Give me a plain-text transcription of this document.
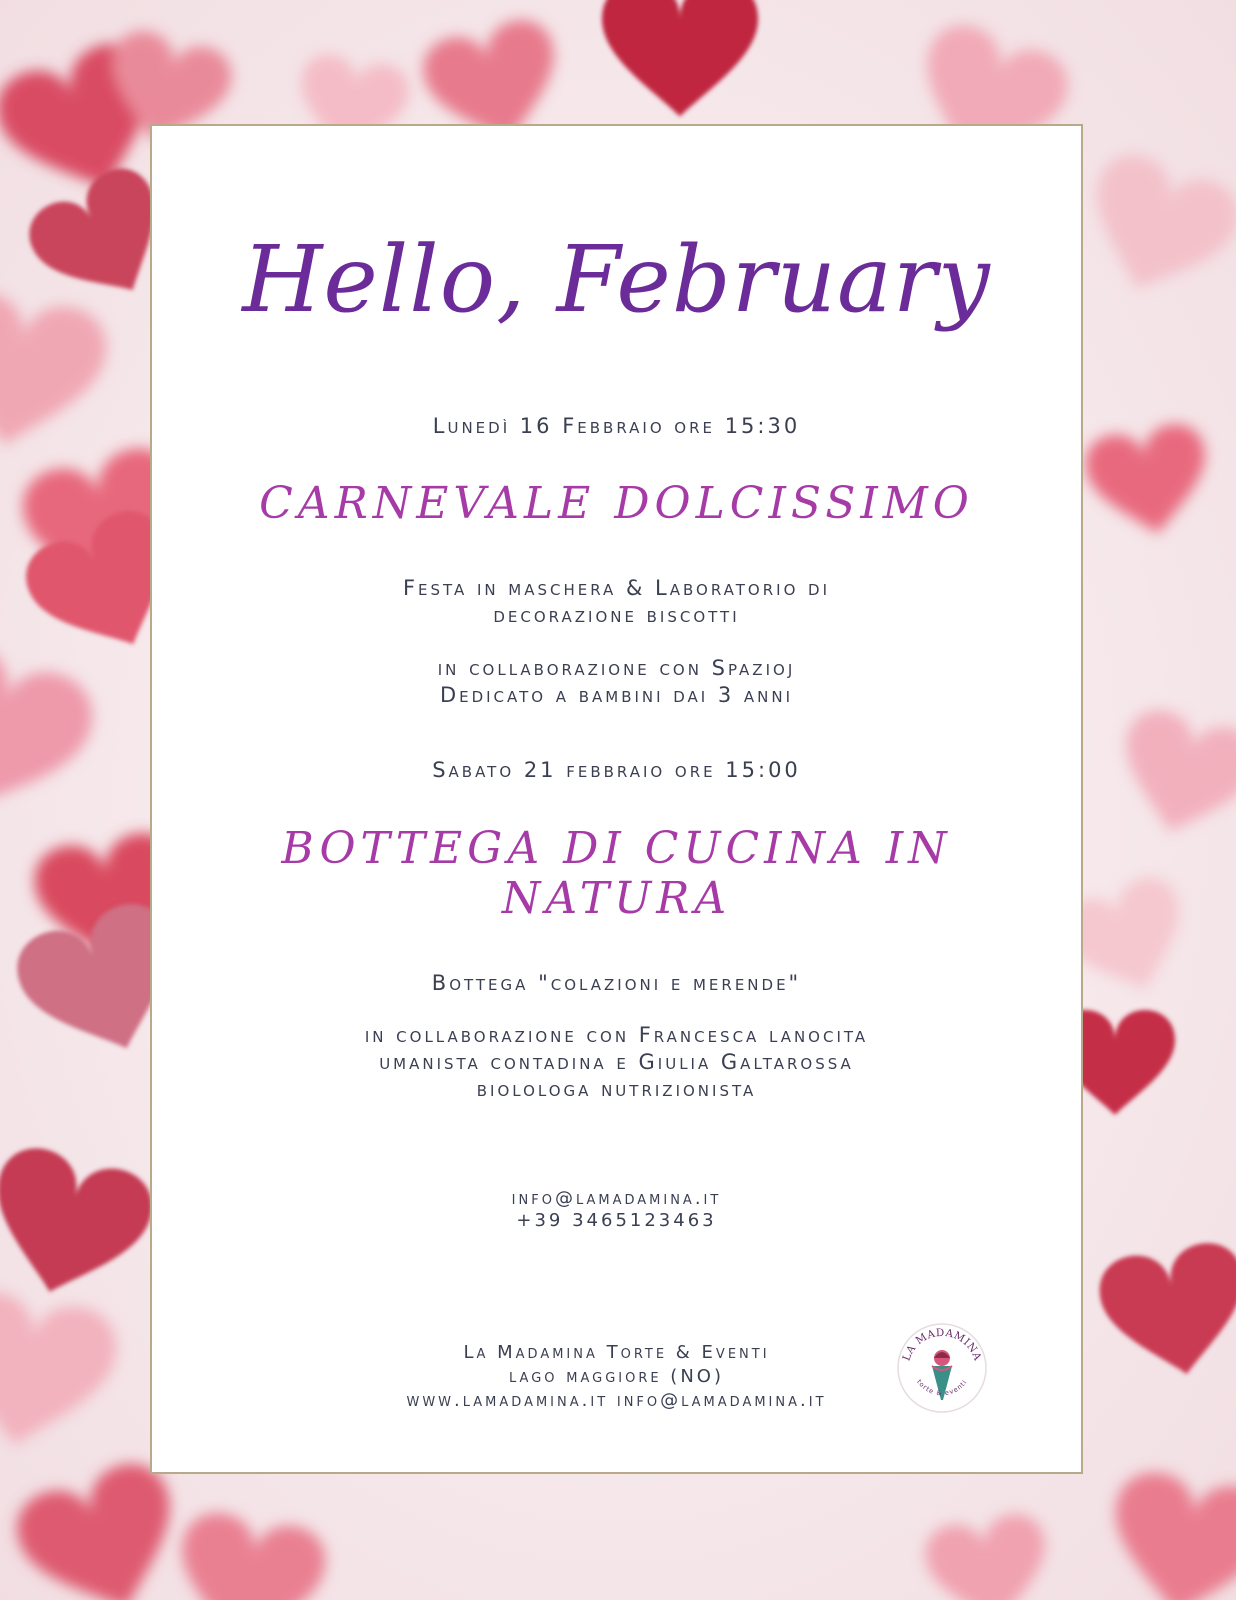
Hello, February
Lunedì 16 Febbraio ore 15:30
CARNEVALE DOLCISSIMO
Festa in maschera & Laboratorio di
decorazione biscotti
in collaborazione con Spazioj
Dedicato a bambini dai 3 anni
Sabato 21 febbraio ore 15:00
BOTTEGA DI CUCINA IN
NATURA
Bottega "colazioni e merende"
in collaborazione con Francesca lanocita
umanista contadina e Giulia Galtarossa
biolologa nutrizionista
info@lamadamina.it
+39 3465123463
La Madamina Torte & Eventi
lago maggiore (NO)
www.lamadamina.it info@lamadamina.it
LA MADAMINA
torte & eventi
